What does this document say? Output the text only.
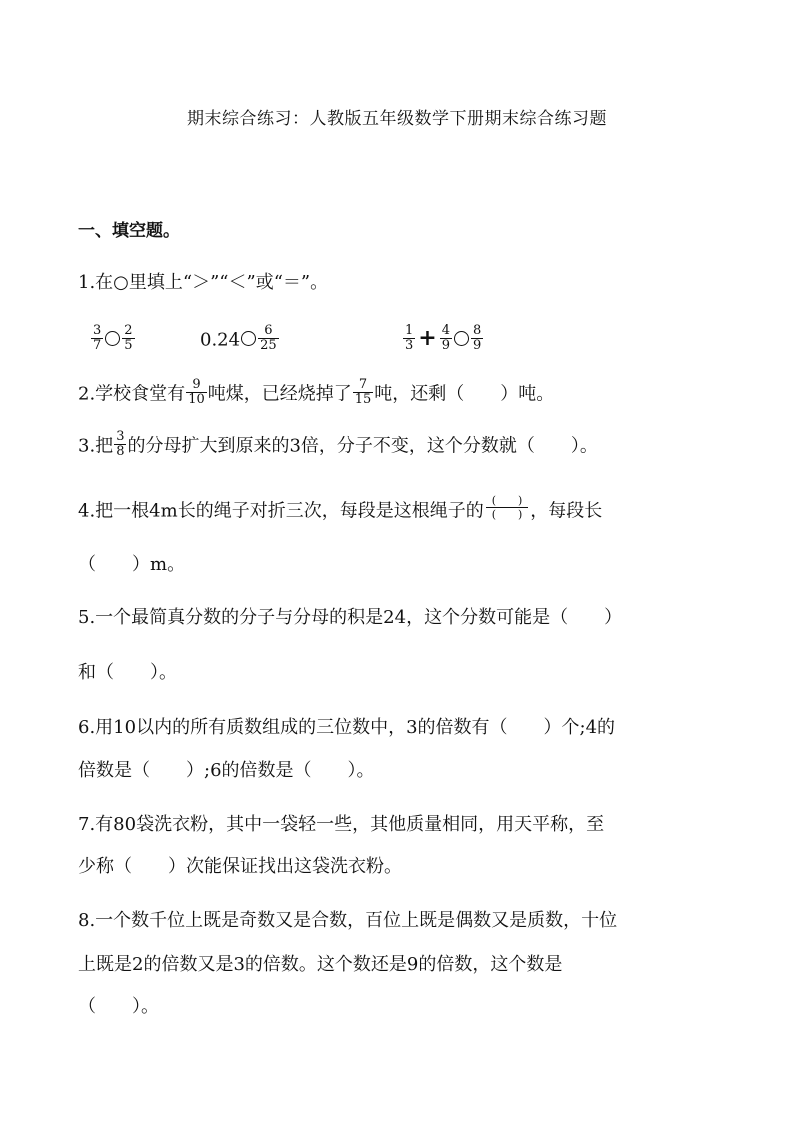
期末综合练习：人教版五年级数学下册期末综合练习题
一、填空题。
1.在○里填上“＞”“＜”或“＝”。
$\frac{3}{7} \frac{2}{5}$	$0.24 \frac{6}{25}$	$\frac{1}{3} + \frac{4}{9} \frac{8}{9}$
2.学校食堂有 $\frac{9}{10}$ 吨煤，已经烧掉了 $\frac{7}{15}$ 吨，还剩（　　）吨。
3.把 $\frac{3}{8}$ 的分母扩大到原来的3倍，分子不变，这个分数就（　　）。
4.把一根4m长的绳子对折三次，每段是这根绳子的 $\frac{( )}{( )}$ ，每段长
（　　）m。
5.一个最简真分数的分子与分母的积是24，这个分数可能是（　　）
和（　　）。
6.用10以内的所有质数组成的三位数中，3的倍数有（　　）个;4的
倍数是（　　）;6的倍数是（　　）。
7.有80袋洗衣粉，其中一袋轻一些，其他质量相同，用天平称，至
少称（　　）次能保证找出这袋洗衣粉。
8.一个数千位上既是奇数又是合数，百位上既是偶数又是质数，十位
上既是2的倍数又是3的倍数。这个数还是9的倍数，这个数是
（　　）。
